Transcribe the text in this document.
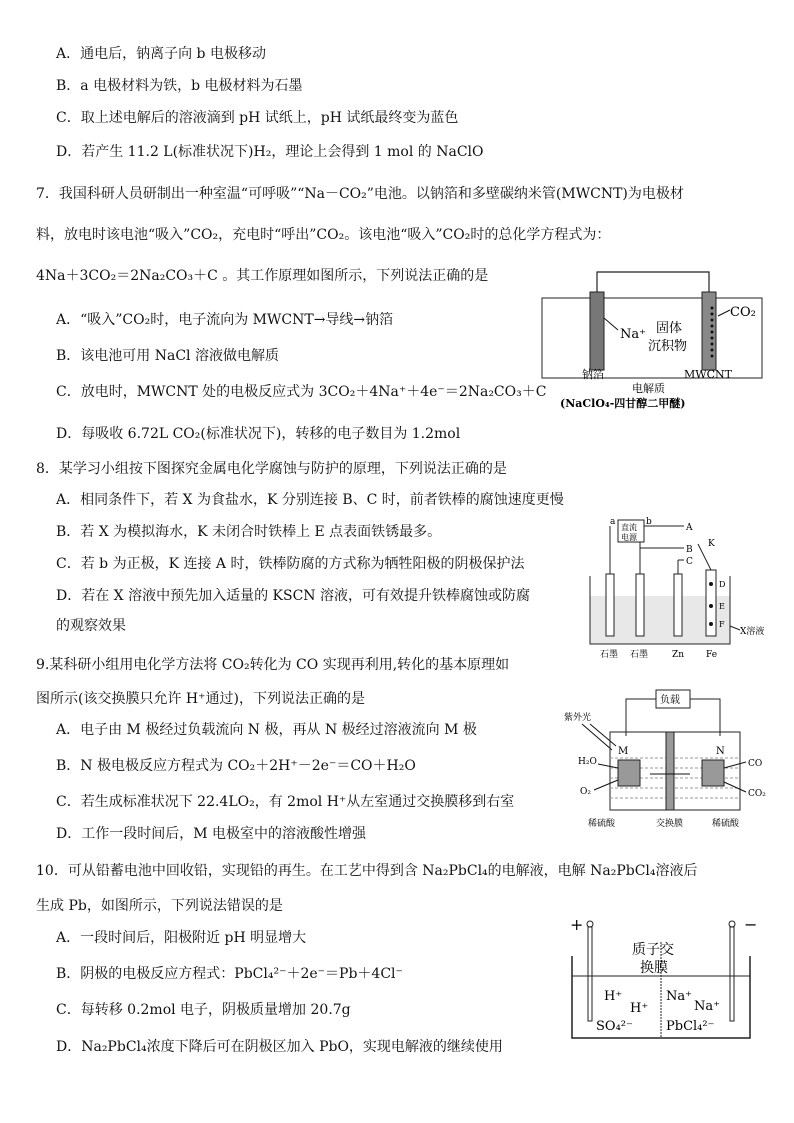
A．通电后，钠离子向 b 电极移动
B．a 电极材料为铁，b 电极材料为石墨
C．取上述电解后的溶液滴到 pH 试纸上，pH 试纸最终变为蓝色
D．若产生 11.2 L(标准状况下)H₂，理论上会得到 1 mol 的 NaClO
7．我国科研人员研制出一种室温“可呼吸”“Na－CO₂”电池。以钠箔和多壁碳纳米管(MWCNT)为电极材
料，放电时该电池“吸入”CO₂，充电时“呼出”CO₂。该电池“吸入”CO₂时的总化学方程式为：
4Na＋3CO₂＝2Na₂CO₃＋C 。其工作原理如图所示，下列说法正确的是
A．“吸入”CO₂时，电子流向为 MWCNT→导线→钠箔
B．该电池可用 NaCl 溶液做电解质
C．放电时，MWCNT 处的电极反应式为 3CO₂＋4Na⁺＋4e⁻＝2Na₂CO₃＋C
D．每吸收 6.72L CO₂(标准状况下)，转移的电子数目为 1.2mol
Na⁺ 固体
沉积物
CO₂
钠箔	MWCNT
电解质
(NaClO₄-四甘醇二甲醚)
8．某学习小组按下图探究金属电化学腐蚀与防护的原理，下列说法正确的是
A．相同条件下，若 X 为食盐水，K 分别连接 B、C 时，前者铁棒的腐蚀速度更慢
B．若 X 为模拟海水，K 未闭合时铁棒上 E 点表面铁锈最多。
C．若 b 为正极，K 连接 A 时，铁棒防腐的方式称为牺牲阳极的阴极保护法
D．若在 X 溶液中预先加入适量的 KSCN 溶液，可有效提升铁棒腐蚀或防腐
的观察效果
a	b
直流
电源
A
B
C
K
D
E
F
X溶液
石墨 石墨	Zn Fe
9.某科研小组用电化学方法将 CO₂转化为 CO 实现再利用,转化的基本原理如
图所示(该交换膜只允许 H⁺通过)，下列说法正确的是
A．电子由 M 极经过负载流向 N 极，再从 N 极经过溶液流向 M 极
B．N 极电极反应方程式为 CO₂＋2H⁺－2e⁻＝CO＋H₂O
C．若生成标准状况下 22.4LO₂，有 2mol H⁺从左室通过交换膜移到右室
D．工作一段时间后，M 电极室中的溶液酸性增强
负载
紫外光
M	N
H₂O
O₂
CO
CO₂
稀硫酸	交换膜	稀硫酸
10．可从铅蓄电池中回收铅，实现铅的再生。在工艺中得到含 Na₂PbCl₄的电解液，电解 Na₂PbCl₄溶液后
生成 Pb，如图所示，下列说法错误的是
A．一段时间后，阳极附近 pH 明显增大
B．阴极的电极反应方程式：PbCl₄²⁻＋2e⁻＝Pb＋4Cl⁻
C．每转移 0.2mol 电子，阴极质量增加 20.7g
D．Na₂PbCl₄浓度下降后可在阴极区加入 PbO，实现电解液的继续使用
+	−
质子交
换膜
H⁺
H⁺
SO₄²⁻
Na⁺
Na⁺
PbCl₄²⁻
